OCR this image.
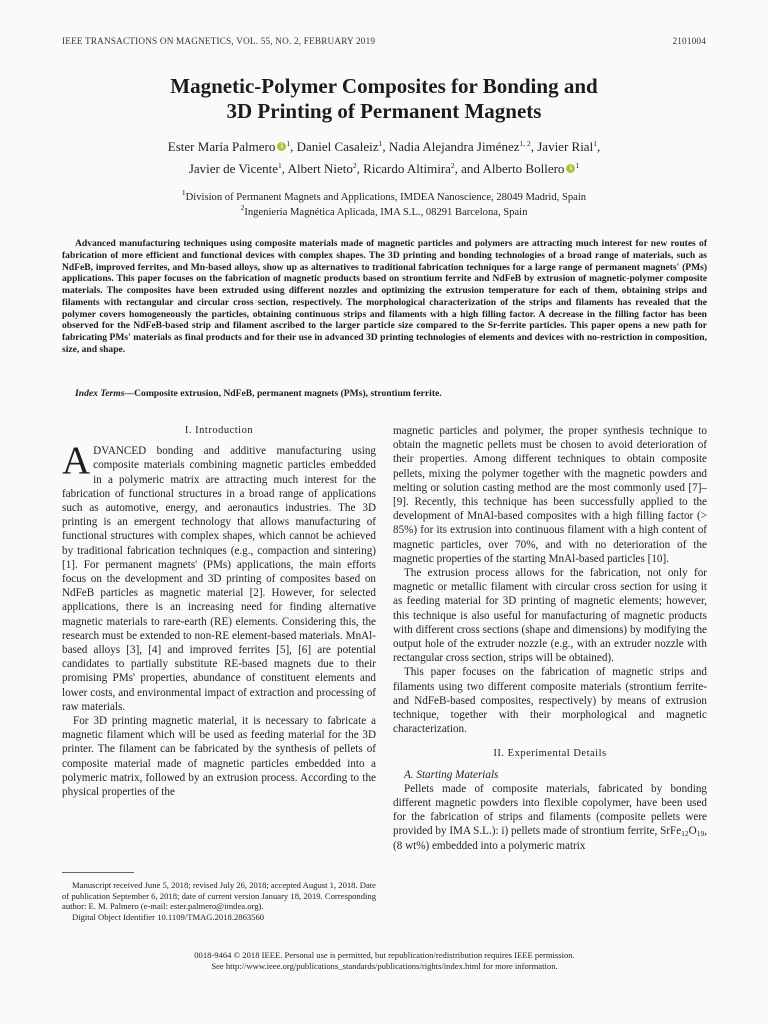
IEEE TRANSACTIONS ON MAGNETICS, VOL. 55, NO. 2, FEBRUARY 2019	2101004
Magnetic-Polymer Composites for Bonding and
3D Printing of Permanent Magnets
Ester María Palmero i $^1$, Daniel Casaleiz$^1$, Nadia Alejandra Jiménez$^{1, 2}$, Javier Rial$^1$,
Javier de Vicente$^1$, Albert Nieto$^2$, Ricardo Altimira$^2$, and Alberto Bollero i $^1$
$^1$Division of Permanent Magnets and Applications, IMDEA Nanoscience, 28049 Madrid, Spain
$^2$Ingeniería Magnética Aplicada, IMA S.L., 08291 Barcelona, Spain

Advanced manufacturing techniques using composite materials made of magnetic particles and polymers are attracting much interest for new routes of fabrication of more efficient and functional devices with complex shapes. The 3D printing and bonding technologies of a broad range of materials, such as NdFeB, improved ferrites, and Mn-based alloys, show up as alternatives to traditional fabrication techniques for a large range of permanent magnets' (PMs) applications. This paper focuses on the fabrication of magnetic products based on strontium ferrite and NdFeB by extrusion of magnetic-polymer composite materials. The composites have been extruded using different nozzles and optimizing the extrusion temperature for each of them, obtaining strips and filaments with rectangular and circular cross section, respectively. The morphological characterization of the strips and filaments has revealed that the polymer covers homogeneously the particles, obtaining continuous strips and filaments with a high filling factor. A decrease in the filling factor has been observed for the NdFeB-based strip and filament ascribed to the larger particle size compared to the Sr-ferrite particles. This paper opens a new path for fabricating PMs' materials as final products and for their use in advanced 3D printing technologies of elements and devices with no-restriction in composition, size, and shape.

Index Terms—Composite extrusion, NdFeB, permanent magnets (PMs), strontium ferrite.
I. Introduction

ADVANCED bonding and additive manufacturing using composite materials combining magnetic particles embedded in a polymeric matrix are attracting much interest for the fabrication of functional structures in a broad range of applications such as automotive, energy, and aeronautics industries. The 3D printing is an emergent technology that allows manufacturing of functional structures with complex shapes, which cannot be achieved by traditional fabrication techniques (e.g., compaction and sintering) [1]. For permanent magnets' (PMs) applications, the main efforts focus on the development and 3D printing of composites based on NdFeB particles as magnetic material [2]. However, for selected applications, there is an increasing need for finding alternative magnetic materials to rare-earth (RE) elements. Considering this, the research must be extended to non-RE element-based materials. MnAl-based alloys [3], [4] and improved ferrites [5], [6] are potential candidates to partially substitute RE-based magnets due to their promising PMs' properties, abundance of constituent elements and lower costs, and environmental impact of extraction and processing of raw materials.

For 3D printing magnetic material, it is necessary to fabricate a magnetic filament which will be used as feeding material for the 3D printer. The filament can be fabricated by the synthesis of pellets of composite material made of magnetic particles embedded into a polymeric matrix, followed by an extrusion process. According to the physical properties of the

magnetic particles and polymer, the proper synthesis technique to obtain the magnetic pellets must be chosen to avoid deterioration of their properties. Among different techniques to obtain composite pellets, mixing the polymer together with the magnetic powders and melting or solution casting method are the most commonly used [7]–[9]. Recently, this technique has been successfully applied to the development of MnAl-based composites with a high filling factor (> 85%) for its extrusion into continuous filament with a high content of magnetic particles, over 70%, and with no deterioration of the magnetic properties of the starting MnAl-based particles [10].

The extrusion process allows for the fabrication, not only for magnetic or metallic filament with circular cross section for using it as feeding material for 3D printing of magnetic elements; however, this technique is also useful for manufacturing of magnetic products with different cross sections (shape and dimensions) by modifying the output hole of the extruder nozzle (e.g., with an extruder nozzle with rectangular cross section, strips will be obtained).

This paper focuses on the fabrication of magnetic strips and filaments using two different composite materials (strontium ferrite- and NdFeB-based composites, respectively) by means of extrusion technique, together with their morphological and magnetic characterization.

II. Experimental Details

A. Starting Materials

Pellets made of composite materials, fabricated by bonding different magnetic powders into flexible copolymer, have been used for the fabrication of strips and filaments (composite pellets were provided by IMA S.L.): i) pellets made of strontium ferrite, $SrFe_{12}O_{19}$, (8 wt%) embedded into a polymeric matrix

Manuscript received June 5, 2018; revised July 26, 2018; accepted August 1, 2018. Date of publication September 6, 2018; date of current version January 18, 2019. Corresponding author: E. M. Palmero (e-mail: ester.palmero@imdea.org).

Digital Object Identifier 10.1109/TMAG.2018.2863560

0018-9464 © 2018 IEEE. Personal use is permitted, but republication/redistribution requires IEEE permission.
See http://www.ieee.org/publications_standards/publications/rights/index.html for more information.
